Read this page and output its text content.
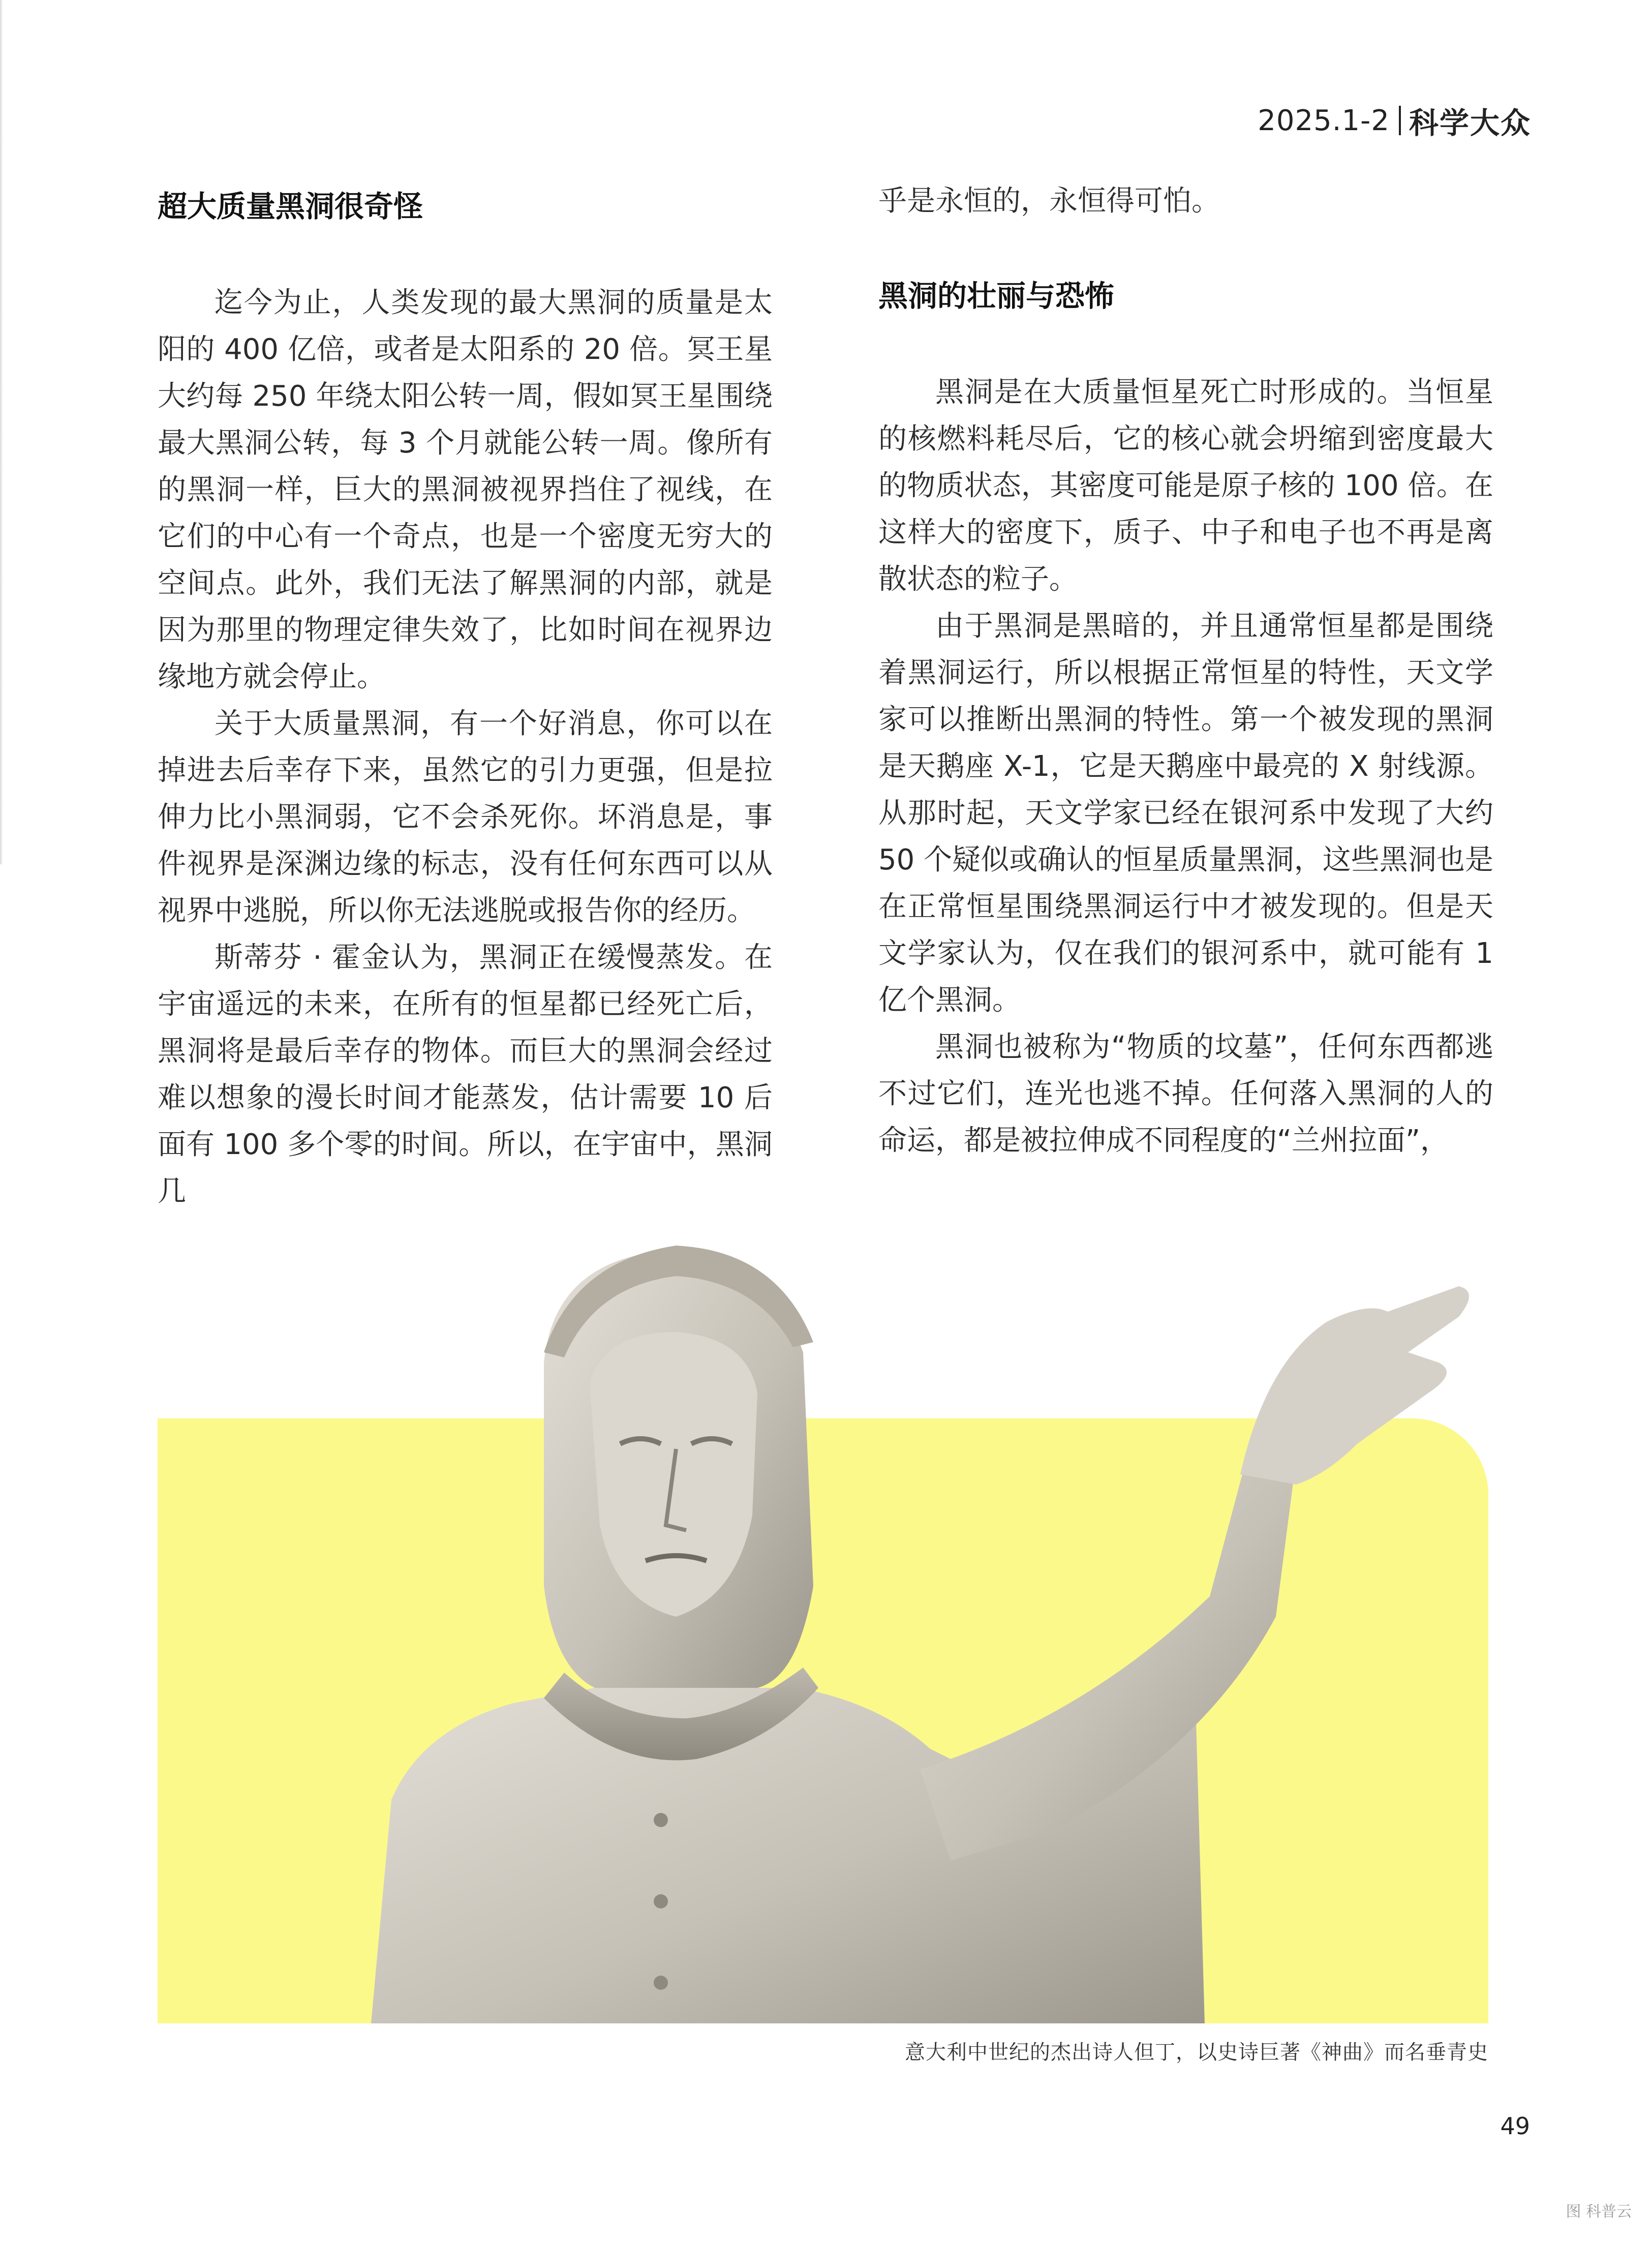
2025.1-2 科学大众
超大质量黑洞很奇怪

迄今为止，人类发现的最大黑洞的质量是太阳的 400 亿倍，或者是太阳系的 20 倍。冥王星大约每 250 年绕太阳公转一周，假如冥王星围绕最大黑洞公转，每 3 个月就能公转一周。像所有的黑洞一样，巨大的黑洞被视界挡住了视线，在它们的中心有一个奇点，也是一个密度无穷大的空间点。此外，我们无法了解黑洞的内部，就是因为那里的物理定律失效了，比如时间在视界边缘地方就会停止。

关于大质量黑洞，有一个好消息，你可以在掉进去后幸存下来，虽然它的引力更强，但是拉伸力比小黑洞弱，它不会杀死你。坏消息是，事件视界是深渊边缘的标志，没有任何东西可以从视界中逃脱，所以你无法逃脱或报告你的经历。

斯蒂芬 · 霍金认为，黑洞正在缓慢蒸发。在宇宙遥远的未来，在所有的恒星都已经死亡后，黑洞将是最后幸存的物体。而巨大的黑洞会经过难以想象的漫长时间才能蒸发，估计需要 10 后面有 100 多个零的时间。所以，在宇宙中，黑洞几

乎是永恒的，永恒得可怕。

黑洞的壮丽与恐怖

黑洞是在大质量恒星死亡时形成的。当恒星的核燃料耗尽后，它的核心就会坍缩到密度最大的物质状态，其密度可能是原子核的 100 倍。在这样大的密度下，质子、中子和电子也不再是离散状态的粒子。

由于黑洞是黑暗的，并且通常恒星都是围绕着黑洞运行，所以根据正常恒星的特性，天文学家可以推断出黑洞的特性。第一个被发现的黑洞是天鹅座 X-1，它是天鹅座中最亮的 X 射线源。从那时起，天文学家已经在银河系中发现了大约 50 个疑似或确认的恒星质量黑洞，这些黑洞也是在正常恒星围绕黑洞运行中才被发现的。但是天文学家认为，仅在我们的银河系中，就可能有 1 亿个黑洞。

黑洞也被称为“物质的坟墓”，任何东西都逃不过它们，连光也逃不掉。任何落入黑洞的人的命运，都是被拉伸成不同程度的“兰州拉面”，

意大利中世纪的杰出诗人但丁，以史诗巨著《神曲》而名垂青史
49
图 科普云
